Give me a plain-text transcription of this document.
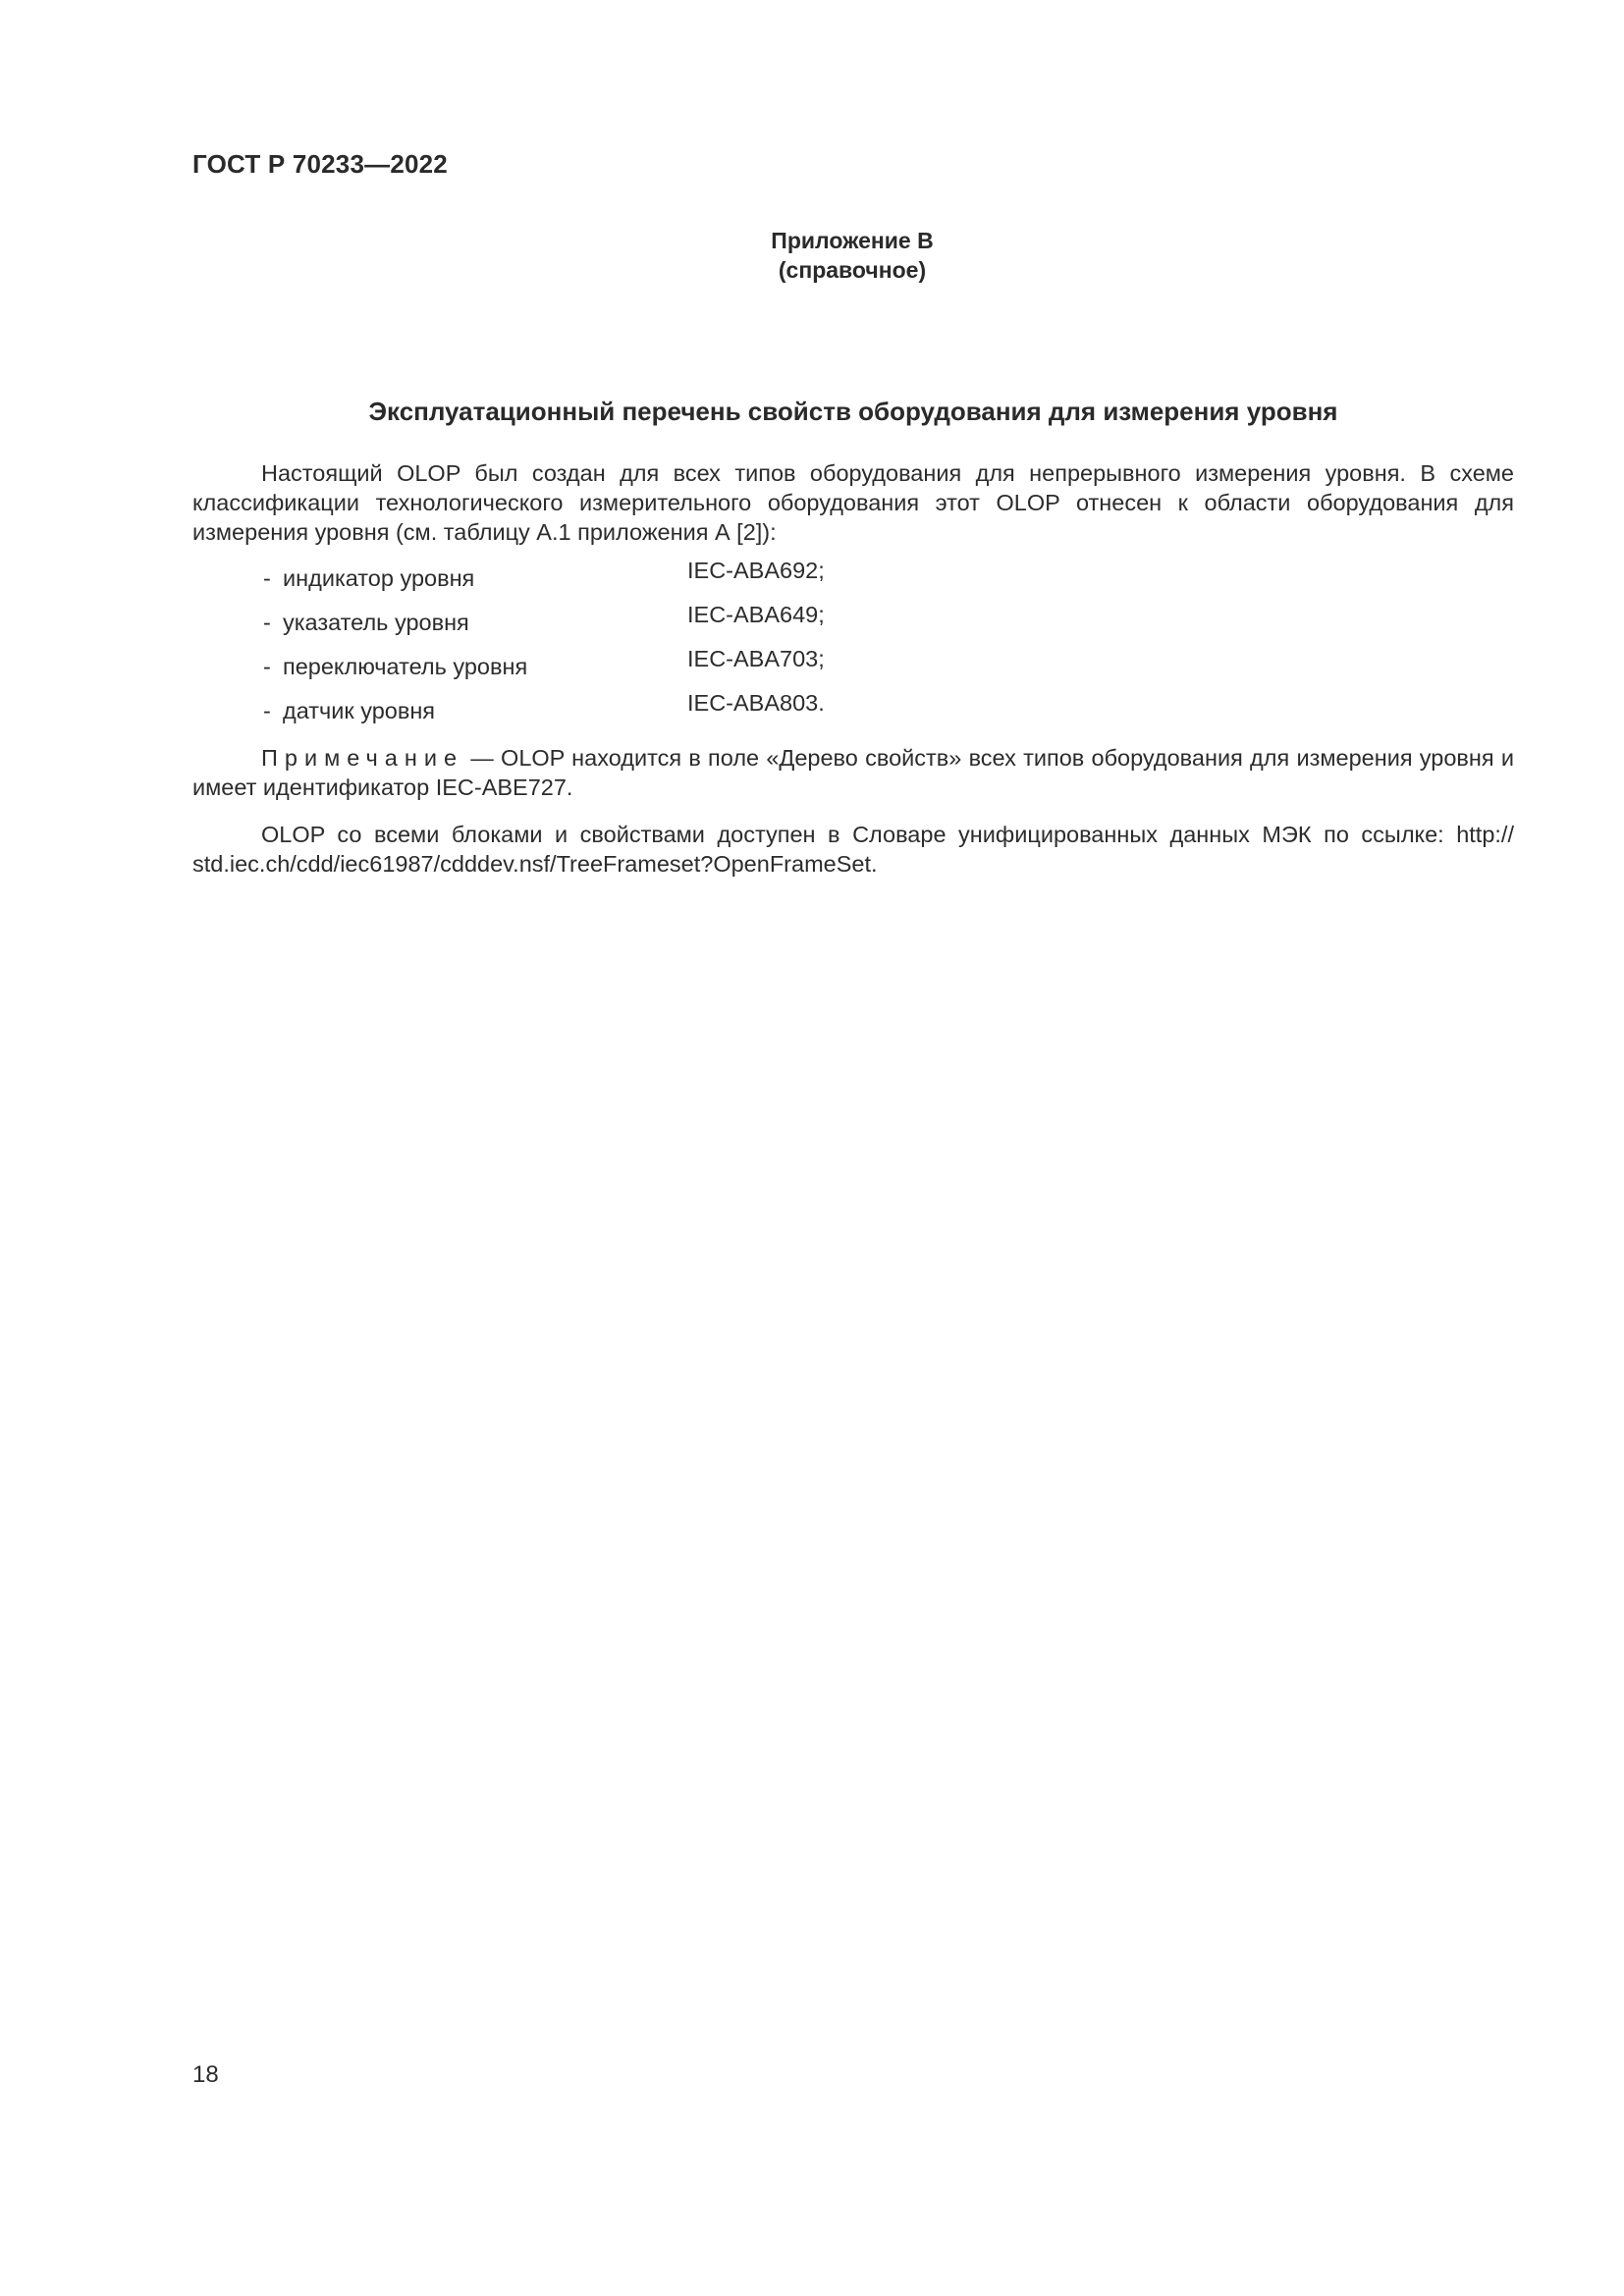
ГОСТ Р 70233—2022
Приложение В
(справочное)
Эксплуатационный перечень свойств оборудования для измерения уровня

Настоящий OLOP был создан для всех типов оборудования для непрерывного измерения уровня. В схеме классификации технологического измерительного оборудования этот OLOP отнесен к области оборудования для измерения уровня (см. таблицу А.1 приложения А [2]):

- индикатор уровня	IEC-ABA692;
- указатель уровня	IEC-ABA649;
- переключатель уровня	IEC-ABA703;
- датчик уровня	IEC-ABA803.

Примечание — OLOP находится в поле «Дерево свойств» всех типов оборудования для измерения уровня и имеет идентификатор IEC-ABE727.

OLOP со всеми блоками и свойствами доступен в Словаре унифицированных данных МЭК по ссылке: http:// std.iec.ch/cdd/iec61987/cdddev.nsf/TreeFrameset?OpenFrameSet.

18
